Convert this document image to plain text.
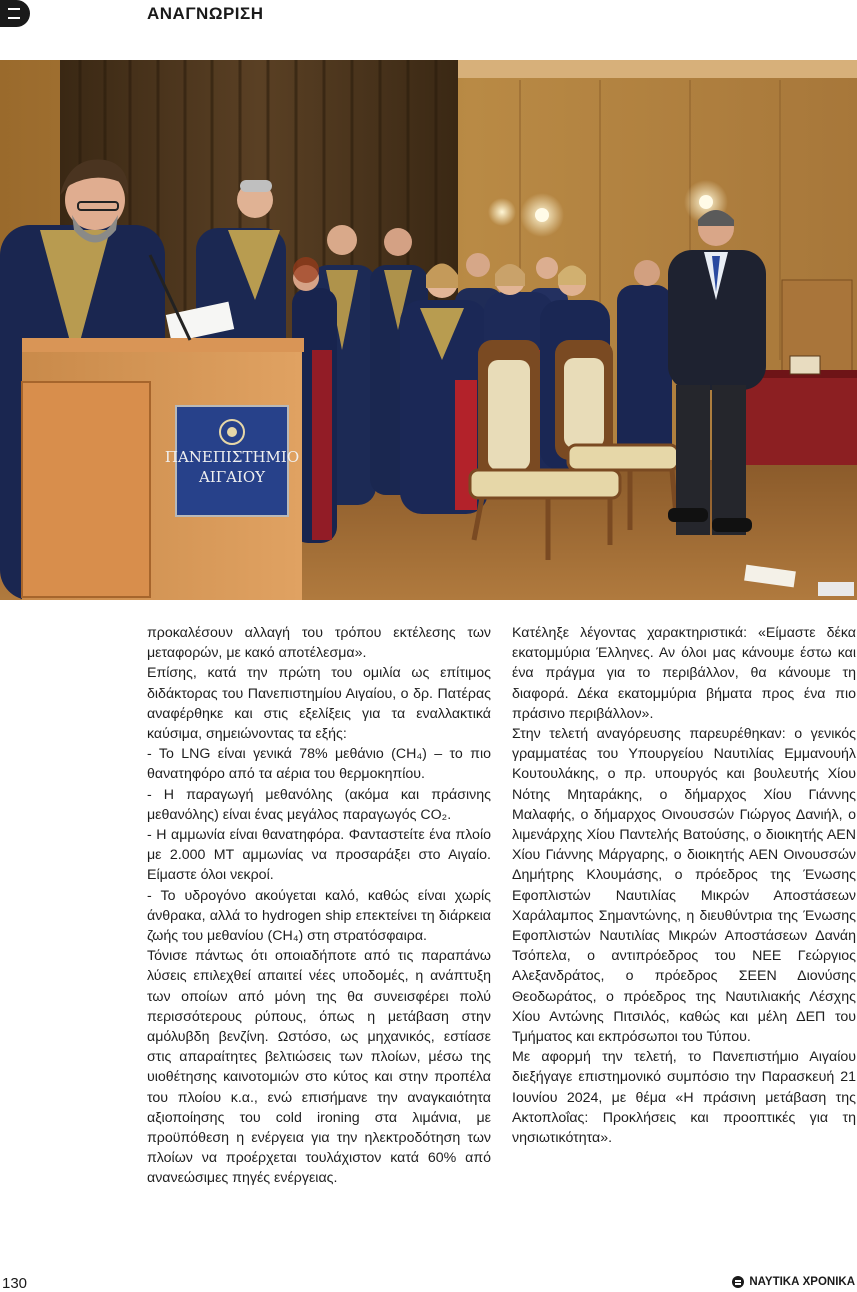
ΑΝΑΓΝΩΡΙΣΗ
ΠΑΝΕΠΙΣΤΗΜΙΟ
ΑΙΓΑΙΟΥ

προκαλέσουν αλλαγή του τρόπου εκτέλεσης των μεταφορών, με κακό αποτέλεσμα».

Επίσης, κατά την πρώτη του ομιλία ως επίτιμος διδάκτορας του Πανεπιστημίου Αιγαίου, ο δρ. Πατέρας αναφέρθηκε και στις εξελίξεις για τα εναλλακτικά καύσιμα, σημειώνοντας τα εξής:

- Το LNG είναι γενικά 78% μεθάνιο (CH₄) – το πιο θανατηφόρο από τα αέρια του θερμοκηπίου.

- Η παραγωγή μεθανόλης (ακόμα και πράσινης μεθανόλης) είναι ένας μεγάλος παραγωγός CO₂.

- Η αμμωνία είναι θανατηφόρα. Φανταστείτε ένα πλοίο με 2.000 MT αμμωνίας να προσαράξει στο Αιγαίο. Είμαστε όλοι νεκροί.

- Το υδρογόνο ακούγεται καλό, καθώς είναι χωρίς άνθρακα, αλλά το hydrogen ship επεκτείνει τη διάρκεια ζωής του μεθανίου (CH₄) στη στρατόσφαιρα.

Τόνισε πάντως ότι οποιαδήποτε από τις παραπάνω λύσεις επιλεχθεί απαιτεί νέες υποδομές, η ανάπτυξη των οποίων από μόνη της θα συνεισφέρει πολύ περισσότερους ρύπους, όπως η μετάβαση στην αμόλυβδη βενζίνη. Ωστόσο, ως μηχανικός, εστίασε στις απαραίτητες βελτιώσεις των πλοίων, μέσω της υιοθέτησης καινοτομιών στο κύτος και στην προπέλα του πλοίου κ.α., ενώ επισήμανε την αναγκαιότητα αξιοποίησης του cold ironing στα λιμάνια, με προϋπόθεση η ενέργεια για την ηλεκτροδότηση των πλοίων να προέρχεται τουλάχιστον κατά 60% από ανανεώσιμες πηγές ενέργειας.

Κατέληξε λέγοντας χαρακτηριστικά: «Είμαστε δέκα εκατομμύρια Έλληνες. Αν όλοι μας κάνουμε έστω και ένα πράγμα για το περιβάλλον, θα κάνουμε τη διαφορά. Δέκα εκατομμύρια βήματα προς ένα πιο πράσινο περιβάλλον».

Στην τελετή αναγόρευσης παρευρέθηκαν: ο γενικός γραμματέας του Υπουργείου Ναυτιλίας Εμμανουήλ Κουτουλάκης, ο πρ. υπουργός και βουλευτής Χίου Νότης Μηταράκης, ο δήμαρχος Χίου Γιάννης Μαλαφής, ο δήμαρχος Οινουσσών Γιώργος Δανιήλ, ο λιμενάρχης Χίου Παντελής Βατούσης, ο διοικητής ΑΕΝ Χίου Γιάννης Μάργαρης, ο διοικητής ΑΕΝ Οινουσσών Δημήτρης Κλουμάσης, ο πρόεδρος της Ένωσης Εφοπλιστών Ναυτιλίας Μικρών Αποστάσεων Χαράλαμπος Σημαντώνης, η διευθύντρια της Ένωσης Εφοπλιστών Ναυτιλίας Μικρών Αποστάσεων Δανάη Τσόπελα, ο αντιπρόεδρος του ΝΕΕ Γεώργιος Αλεξανδράτος, ο πρόεδρος ΣΕΕΝ Διονύσης Θεοδωράτος, ο πρόεδρος της Ναυτιλιακής Λέσχης Χίου Αντώνης Πιτσιλός, καθώς και μέλη ΔΕΠ του Τμήματος και εκπρόσωποι του Τύπου.

Με αφορμή την τελετή, το Πανεπιστήμιο Αιγαίου διεξήγαγε επιστημονικό συμπόσιο την Παρασκευή 21 Ιουνίου 2024, με θέμα «Η πράσινη μετάβαση της Ακτοπλοΐας: Προκλήσεις και προοπτικές για τη νησιωτικότητα».

130	ΝΑΥΤΙΚΑ ΧΡΟΝΙΚΑ
